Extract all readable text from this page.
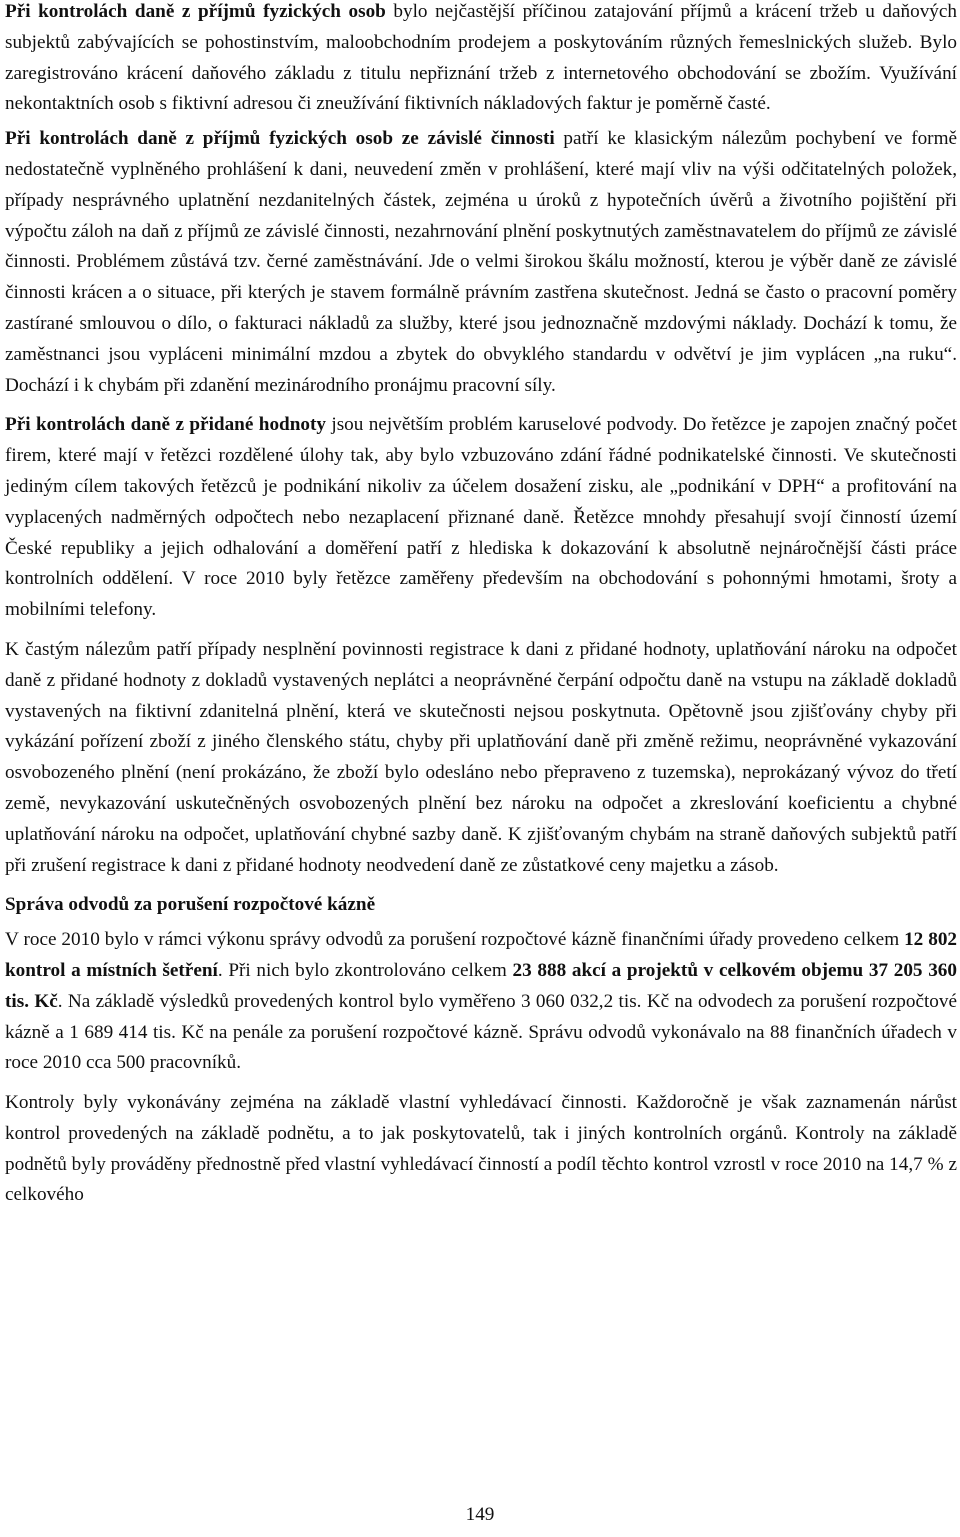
Při kontrolách daně z příjmů fyzických osob bylo nejčastější příčinou zatajování příjmů a krácení tržeb u daňových subjektů zabývajících se pohostinstvím, maloobchodním prodejem a poskytováním různých řemeslnických služeb. Bylo zaregistrováno krácení daňového základu z titulu nepřiznání tržeb z internetového obchodování se zbožím. Využívání nekontaktních osob s fiktivní adresou či zneužívání fiktivních nákladových faktur je poměrně časté.

Při kontrolách daně z příjmů fyzických osob ze závislé činnosti patří ke klasickým nálezům pochybení ve formě nedostatečně vyplněného prohlášení k dani, neuvedení změn v prohlášení, které mají vliv na výši odčitatelných položek, případy nesprávného uplatnění nezdanitelných částek, zejména u úroků z hypotečních úvěrů a životního pojištění při výpočtu záloh na daň z příjmů ze závislé činnosti, nezahrnování plnění poskytnutých zaměstnavatelem do příjmů ze závislé činnosti. Problémem zůstává tzv. černé zaměstnávání. Jde o velmi širokou škálu možností, kterou je výběr daně ze závislé činnosti krácen a o situace, při kterých je stavem formálně právním zastřena skutečnost. Jedná se často o pracovní poměry zastírané smlouvou o dílo, o fakturaci nákladů za služby, které jsou jednoznačně mzdovými náklady. Dochází k tomu, že zaměstnanci jsou vypláceni minimální mzdou a zbytek do obvyklého standardu v odvětví je jim vyplácen „na ruku“. Dochází i k chybám při zdanění mezinárodního pronájmu pracovní síly.

Při kontrolách daně z přidané hodnoty jsou největším problém karuselové podvody. Do řetězce je zapojen značný počet firem, které mají v řetězci rozdělené úlohy tak, aby bylo vzbuzováno zdání řádné podnikatelské činnosti. Ve skutečnosti jediným cílem takových řetězců je podnikání nikoliv za účelem dosažení zisku, ale „podnikání v DPH“ a profitování na vyplacených nadměrných odpočtech nebo nezaplacení přiznané daně. Řetězce mnohdy přesahují svojí činností území České republiky a jejich odhalování a doměření patří z hlediska k dokazování k absolutně nejnáročnější části práce kontrolních oddělení. V roce 2010 byly řetězce zaměřeny především na obchodování s pohonnými hmotami, šroty a mobilními telefony.

K častým nálezům patří případy nesplnění povinnosti registrace k dani z přidané hodnoty, uplatňování nároku na odpočet daně z přidané hodnoty z dokladů vystavených neplátci a neoprávněné čerpání odpočtu daně na vstupu na základě dokladů vystavených na fiktivní zdanitelná plnění, která ve skutečnosti nejsou poskytnuta. Opětovně jsou zjišťovány chyby při vykázání pořízení zboží z jiného členského státu, chyby při uplatňování daně při změně režimu, neoprávněné vykazování osvobozeného plnění (není prokázáno, že zboží bylo odesláno nebo přepraveno z tuzemska), neprokázaný vývoz do třetí země, nevykazování uskutečněných osvobozených plnění bez nároku na odpočet a zkreslování koeficientu a chybné uplatňování nároku na odpočet, uplatňování chybné sazby daně. K zjišťovaným chybám na straně daňových subjektů patří při zrušení registrace k dani z přidané hodnoty neodvedení daně ze zůstatkové ceny majetku a zásob.

Správa odvodů za porušení rozpočtové kázně

V roce 2010 bylo v rámci výkonu správy odvodů za porušení rozpočtové kázně finančními úřady provedeno celkem 12 802 kontrol a místních šetření. Při nich bylo zkontrolováno celkem 23 888 akcí a projektů v celkovém objemu 37 205 360 tis. Kč. Na základě výsledků provedených kontrol bylo vyměřeno 3 060 032,2 tis. Kč na odvodech za porušení rozpočtové kázně a 1 689 414 tis. Kč na penále za porušení rozpočtové kázně. Správu odvodů vykonávalo na 88 finančních úřadech v roce 2010 cca 500 pracovníků.

Kontroly byly vykonávány zejména na základě vlastní vyhledávací činnosti. Každoročně je však zaznamenán nárůst kontrol provedených na základě podnětu, a to jak poskytovatelů, tak i jiných kontrolních orgánů. Kontroly na základě podnětů byly prováděny přednostně před vlastní vyhledávací činností a podíl těchto kontrol vzrostl v roce 2010 na 14,7 % z celkového

149
